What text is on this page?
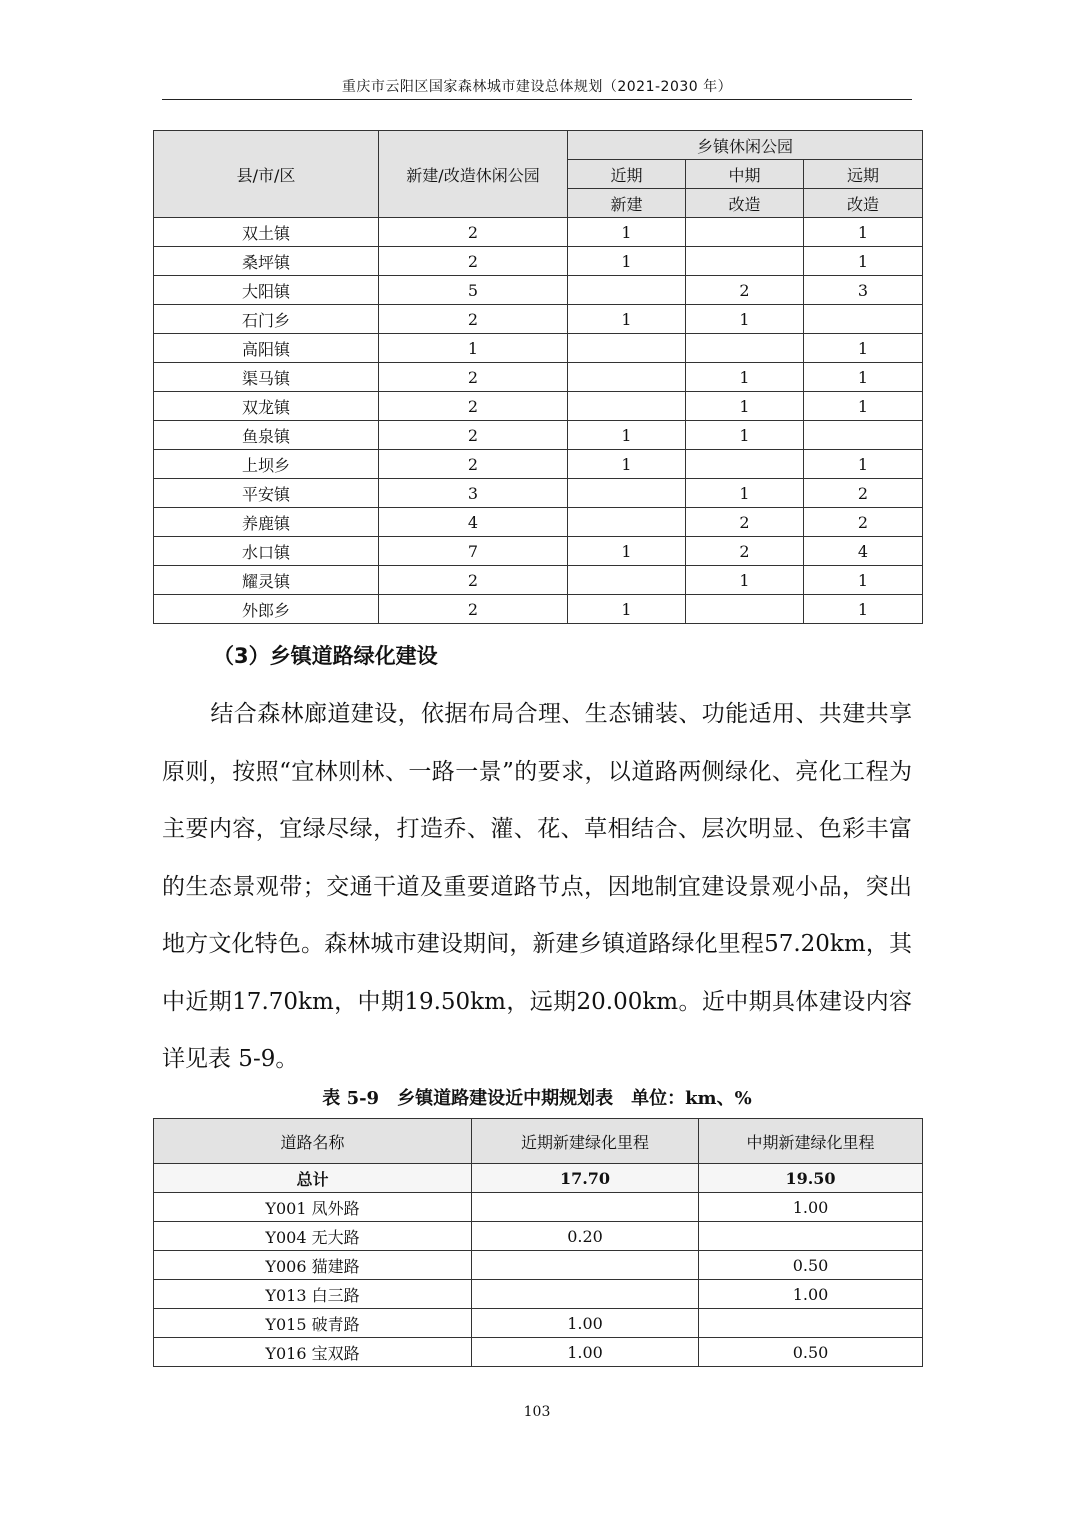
重庆市云阳区国家森林城市建设总体规划（2021-2030 年）
县/市/区	新建/改造休闲公园	乡镇休闲公园		
		近期	中期	远期
		新建	改造	改造
双土镇	2	1		1
桑坪镇	2	1		1
大阳镇	5		2	3
石门乡	2	1	1	
高阳镇	1			1
渠马镇	2		1	1
双龙镇	2		1	1
鱼泉镇	2	1	1	
上坝乡	2	1		1
平安镇	3		1	2
养鹿镇	4		2	2
水口镇	7	1	2	4
耀灵镇	2		1	1
外郎乡	2	1		1
（3）乡镇道路绿化建设
结合森林廊道建设，依据布局合理、生态铺装、功能适用、共建共享原则，按照“宜林则林、一路一景”的要求，以道路两侧绿化、亮化工程为主要内容，宜绿尽绿，打造乔、灌、花、草相结合、层次明显、色彩丰富的生态景观带；交通干道及重要道路节点，因地制宜建设景观小品，突出地方文化特色。森林城市建设期间，新建乡镇道路绿化里程57.20km，其中近期17.70km，中期19.50km，远期20.00km。近中期具体建设内容详见表 5-9。
表 5-9　乡镇道路建设近中期规划表　单位：km、%
道路名称	近期新建绿化里程	中期新建绿化里程
总计	17.70	19.50
Y001 凤外路		1.00
Y004 无大路	0.20	
Y006 猫建路		0.50
Y013 白三路		1.00
Y015 破青路	1.00	
Y016 宝双路	1.00	0.50
103
